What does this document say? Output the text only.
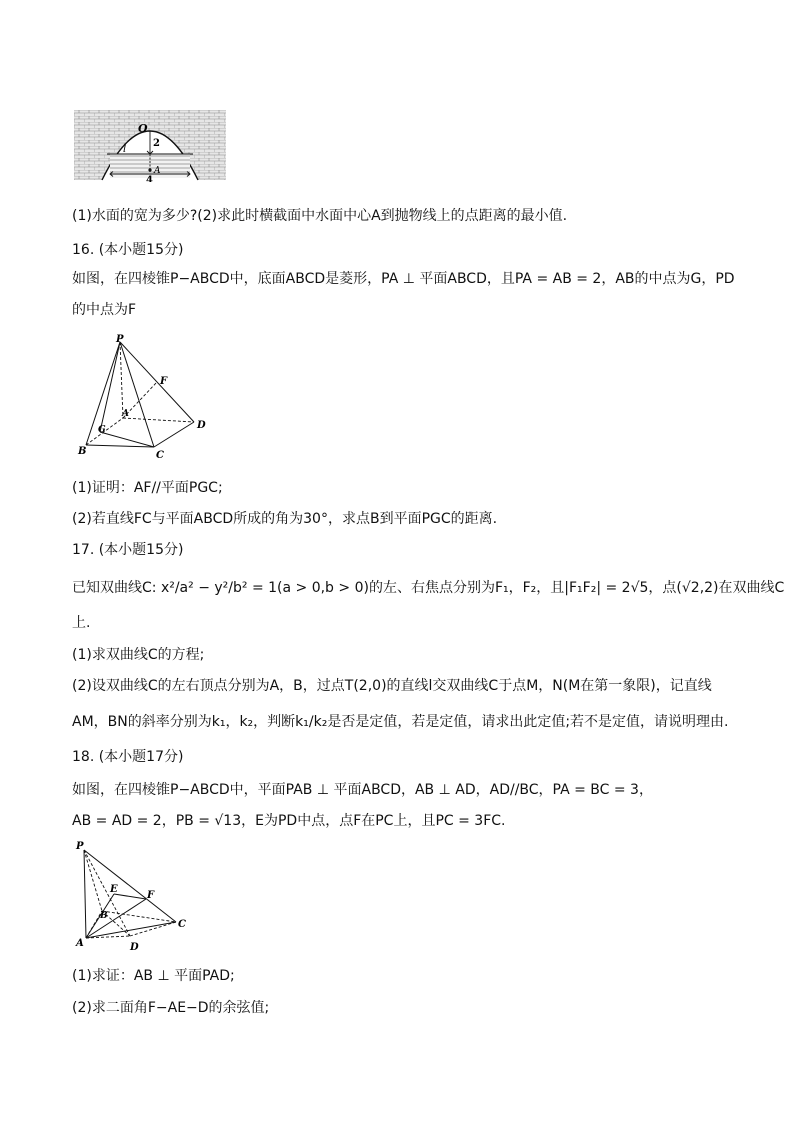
O
2
l
A
4
(1)水面的宽为多少?(2)求此时横截面中水面中心A到抛物线上的点距离的最小值.
16. (本小题15分)
如图，在四棱锥P−ABCD中，底面ABCD是菱形，PA ⊥ 平面ABCD，且PA = AB = 2，AB的中点为G，PD
的中点为F
P
F
A
G
B	C
D
(1)证明：AF//平面PGC;
(2)若直线FC与平面ABCD所成的角为30°，求点B到平面PGC的距离.
17. (本小题15分)
已知双曲线C: x²/a² − y²/b² = 1(a > 0,b > 0)的左、右焦点分别为F₁，F₂，且|F₁F₂| = 2√5，点(√2,2)在双曲线C
上.
(1)求双曲线C的方程;
(2)设双曲线C的左右顶点分别为A，B，过点T(2,0)的直线l交双曲线C于点M，N(M在第一象限)，记直线
AM，BN的斜率分别为k₁，k₂，判断k₁/k₂是否是定值，若是定值，请求出此定值;若不是定值，请说明理由.
18. (本小题17分)
如图，在四棱锥P−ABCD中，平面PAB ⊥ 平面ABCD，AB ⊥ AD，AD//BC，PA = BC = 3，
AB = AD = 2，PB = √13，E为PD中点，点F在PC上，且PC = 3FC.
P
E
F
B
A	D
C
(1)求证：AB ⊥ 平面PAD;
(2)求二面角F−AE−D的余弦值;
